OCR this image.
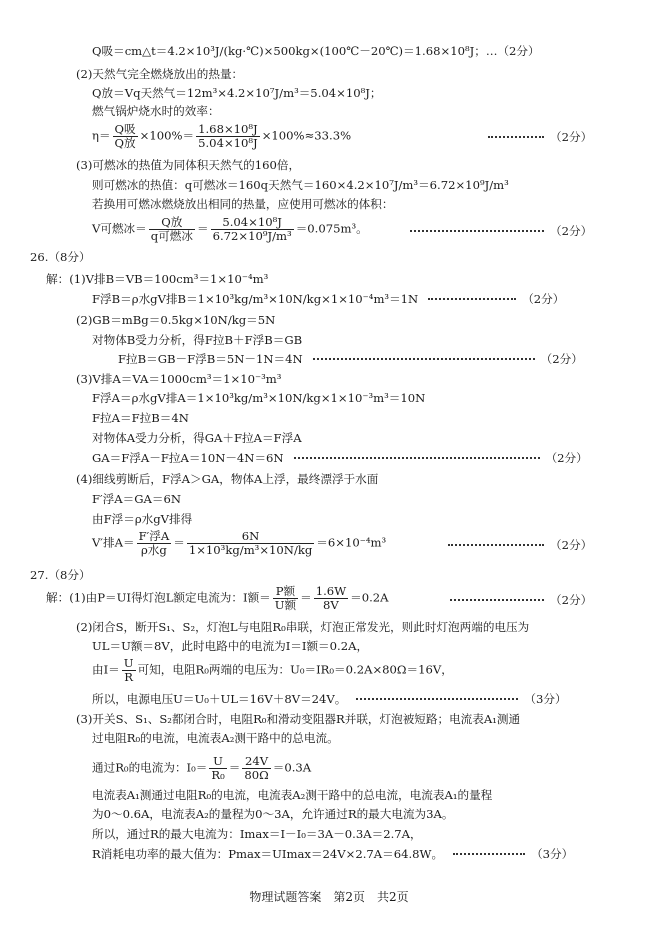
Q吸＝cm△t＝4.2×10³J/(kg·℃)×500kg×(100℃－20℃)＝1.68×10⁸J；…（2分）
(2)天然气完全燃烧放出的热量：
Q放＝Vq天然气＝12m³×4.2×10⁷J/m³＝5.04×10⁸J；
燃气锅炉烧水时的效率：
$\eta= \frac{\text{Q吸}}{\text{Q放}} \times 100\%= \frac{\text{1.68×10⁸J}}{\text{5.04×10⁸J}} \times 100\%\approx 33.3\%$	（2分）
(3)可燃冰的热值为同体积天然气的160倍，
则可燃冰的热值：q可燃冰＝160q天然气＝160×4.2×10⁷J/m³＝6.72×10⁹J/m³
若换用可燃冰燃烧放出相同的热量，应使用可燃冰的体积：
V可燃冰＝ $\frac{\text{Q放}}{\text{q可燃冰}} = \frac{\text{5.04×10⁸J}}{\text{6.72×10⁹J/m³}} =0.075m^3$。	（2分）
26.（8分）
解：(1)V排B＝VB＝100cm³＝1×10⁻⁴m³
F浮B＝ρ水gV排B＝1×10³kg/m³×10N/kg×1×10⁻⁴m³＝1N	（2分）
(2)GB＝mBg＝0.5kg×10N/kg＝5N
对物体B受力分析，得F拉B＋F浮B＝GB
F拉B＝GB－F浮B＝5N－1N＝4N	（2分）
(3)V排A＝VA＝1000cm³＝1×10⁻³m³
F浮A＝ρ水gV排A＝1×10³kg/m³×10N/kg×1×10⁻³m³＝10N
F拉A＝F拉B＝4N
对物体A受力分析，得GA＋F拉A＝F浮A
GA＝F浮A－F拉A＝10N－4N＝6N	（2分）
(4)细线剪断后，F浮A＞GA，物体A上浮，最终漂浮于水面
F′浮A＝GA＝6N
由F浮＝ρ水gV排得
V′排$A= \frac{\text{F′浮A}}{\text{ρ水g}} = \frac{6N}{\text{1×10³kg/m³×10N/kg}} =6\times 10^{-4}m^3$	（2分）
27.（8分）
解：(1)由P＝UI得灯泡L额定电流为：I额＝ $\frac{\text{P额}}{\text{U额}} = \frac{1.6W}{8V} =0.2A$	（2分）
(2)闭合S，断开S₁、S₂，灯泡L与电阻R₀串联，灯泡正常发光，则此时灯泡两端的电压为
UL＝U额＝8V，此时电路中的电流为I＝I额＝0.2A，
由$I= \frac{U}{R}$ 可知，电阻R₀两端的电压为：U₀＝IR₀＝0.2A×80Ω＝16V，
所以，电源电压U＝U₀＋UL＝16V＋8V＝24V。	（3分）
(3)开关S、S₁、S₂都闭合时，电阻R₀和滑动变阻器R并联，灯泡被短路；电流表A₁测通
过电阻R₀的电流，电流表A₂测干路中的总电流。
通过R₀的电流为：$I_0= \frac{U}{\text{R₀}} = \frac{24V}{80\Omega} =0.3A$
电流表A₁测通过电阻R₀的电流，电流表A₂测干路中的总电流，电流表A₁的量程
为0～0.6A，电流表A₂的量程为0～3A，允许通过R的最大电流为3A。
所以，通过R的最大电流为：Imax＝I－I₀＝3A－0.3A＝2.7A，
R消耗电功率的最大值为：Pmax＝UImax＝24V×2.7A＝64.8W。	（3分）
物理试题答案　第2页　共2页
